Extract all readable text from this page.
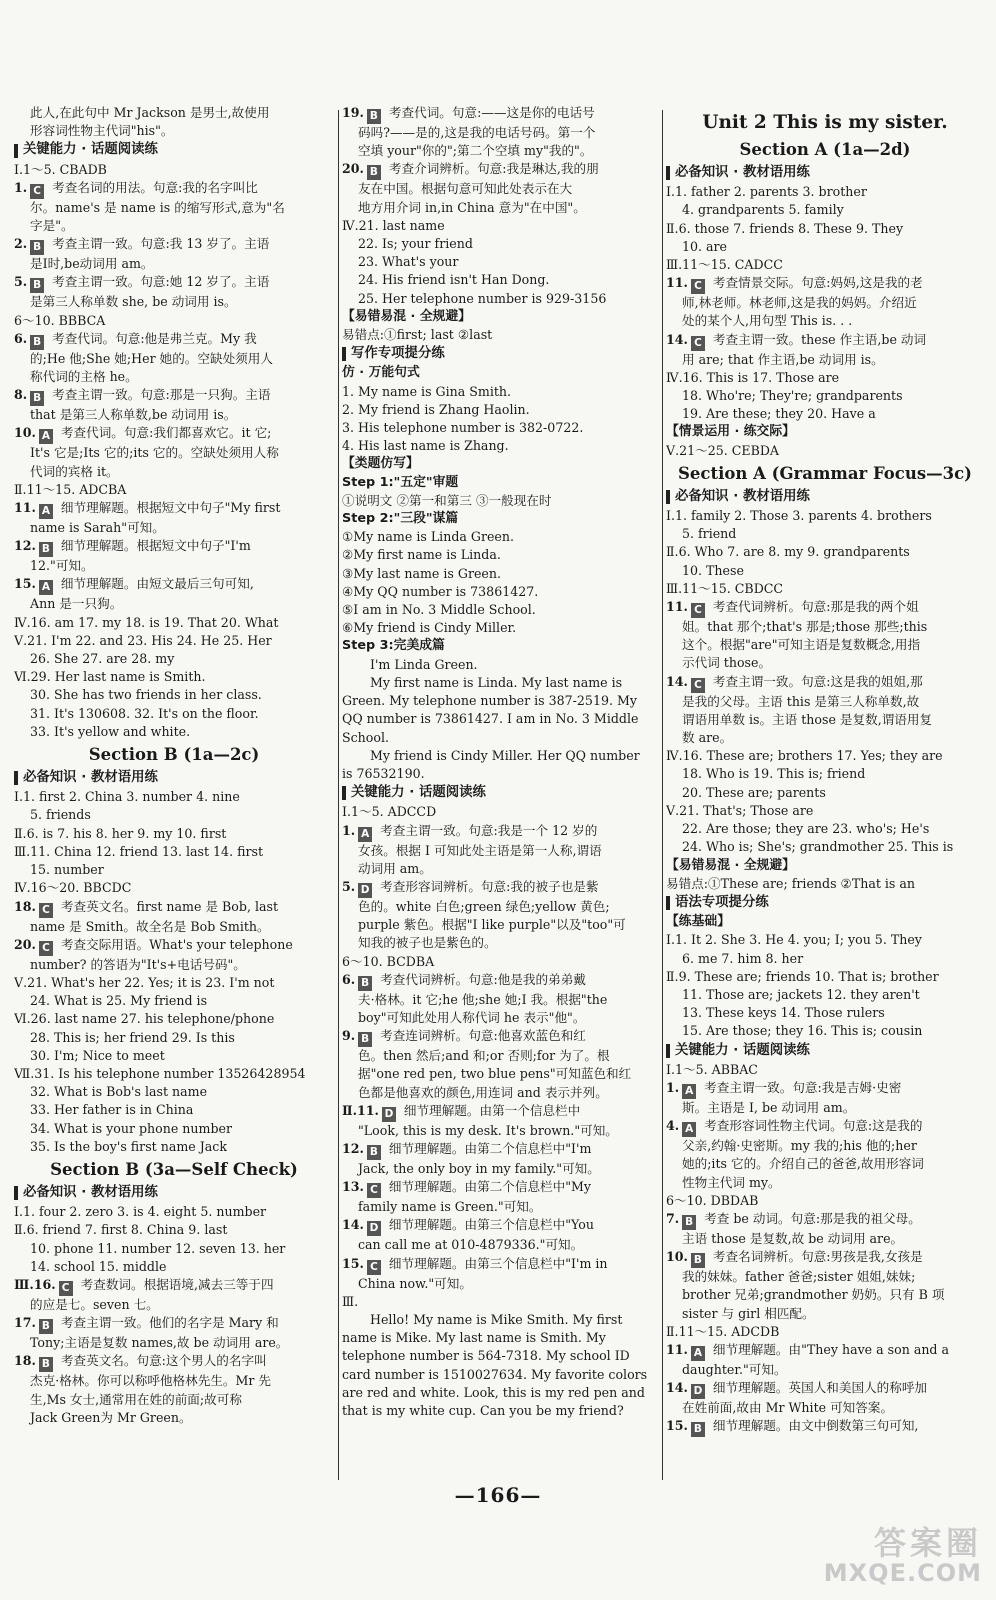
此人,在此句中 Mr Jackson 是男士,故使用
形容词性物主代词"his"。
关键能力 · 话题阅读练
Ⅰ.1～5. CBADB
1. C 考查名词的用法。句意:我的名字叫比
尔。name's 是 name is 的缩写形式,意为"名
字是"。
2. B 考查主谓一致。句意:我 13 岁了。主语
是I时,be动词用 am。
5. B 考查主谓一致。句意:她 12 岁了。主语
是第三人称单数 she, be 动词用 is。
6～10. BBBCA
6. B 考查代词。句意:他是弗兰克。My 我
的;He 他;She 她;Her 她的。空缺处须用人
称代词的主格 he。
8. B 考查主谓一致。句意:那是一只狗。主语
that 是第三人称单数,be 动词用 is。
10. A 考查代词。句意:我们都喜欢它。it 它;
It's 它是;Its 它的;its 它的。空缺处须用人称
代词的宾格 it。
Ⅱ.11～15. ADCBA
11. A 细节理解题。根据短文中句子"My first
name is Sarah"可知。
12. B 细节理解题。根据短文中句子"I'm
12."可知。
15. A 细节理解题。由短文最后三句可知,
Ann 是一只狗。
Ⅳ.16. am 17. my 18. is 19. That 20. What
Ⅴ.21. I'm 22. and 23. His 24. He 25. Her
26. She 27. are 28. my
Ⅵ.29. Her last name is Smith.
30. She has two friends in her class.
31. It's 130608. 32. It's on the floor.
33. It's yellow and white.
Section B (1a—2c)
必备知识 · 教材语用练
Ⅰ.1. first 2. China 3. number 4. nine
5. friends
Ⅱ.6. is 7. his 8. her 9. my 10. first
Ⅲ.11. China 12. friend 13. last 14. first
15. number
Ⅳ.16～20. BBCDC
18. C 考查英文名。first name 是 Bob, last
name 是 Smith。故全名是 Bob Smith。
20. C 考查交际用语。What's your telephone
number? 的答语为"It's+电话号码"。
Ⅴ.21. What's her 22. Yes; it is 23. I'm not
24. What is 25. My friend is
Ⅵ.26. last name 27. his telephone/phone
28. This is; her friend 29. Is this
30. I'm; Nice to meet
Ⅶ.31. Is his telephone number 13526428954
32. What is Bob's last name
33. Her father is in China
34. What is your phone number
35. Is the boy's first name Jack
Section B (3a—Self Check)
必备知识 · 教材语用练
Ⅰ.1. four 2. zero 3. is 4. eight 5. number
Ⅱ.6. friend 7. first 8. China 9. last
10. phone 11. number 12. seven 13. her
14. school 15. middle
Ⅲ.16. C 考查数词。根据语境,减去三等于四
的应是七。seven 七。
17. B 考查主谓一致。他们的名字是 Mary 和
Tony;主语是复数 names,故 be 动词用 are。
18. B 考查英文名。句意:这个男人的名字叫
杰克·格林。你可以称呼他格林先生。Mr 先
生,Ms 女士,通常用在姓的前面;故可称
Jack Green为 Mr Green。
19. B 考查代词。句意:——这是你的电话号
码吗?——是的,这是我的电话号码。第一个
空填 your"你的";第二个空填 my"我的"。
20. B 考查介词辨析。句意:我是琳达,我的朋
友在中国。根据句意可知此处表示在大
地方用介词 in,in China 意为"在中国"。
Ⅳ.21. last name
22. Is; your friend
23. What's your
24. His friend isn't Han Dong.
25. Her telephone number is 929-3156
【易错易混 · 全规避】
易错点:①first; last ②last
写作专项提分练
仿 · 万能句式
1. My name is Gina Smith.
2. My friend is Zhang Haolin.
3. His telephone number is 382-0722.
4. His last name is Zhang.
【类题仿写】
Step 1:"五定"审题
①说明文 ②第一和第三 ③一般现在时
Step 2:"三段"谋篇
①My name is Linda Green.
②My first name is Linda.
③My last name is Green.
④My QQ number is 73861427.
⑤I am in No. 3 Middle School.
⑥My friend is Cindy Miller.
Step 3:完美成篇
I'm Linda Green.
My first name is Linda. My last name is
Green. My telephone number is 387-2519. My
QQ number is 73861427. I am in No. 3 Middle
School.
My friend is Cindy Miller. Her QQ number
is 76532190.
关键能力 · 话题阅读练
Ⅰ.1～5. ADCCD
1. A 考查主谓一致。句意:我是一个 12 岁的
女孩。根据 I 可知此处主语是第一人称,谓语
动词用 am。
5. D 考查形容词辨析。句意:我的被子也是紫
色的。white 白色;green 绿色;yellow 黄色;
purple 紫色。根据"I like purple"以及"too"可
知我的被子也是紫色的。
6～10. BCDBA
6. B 考查代词辨析。句意:他是我的弟弟戴
夫·格林。it 它;he 他;she 她;I 我。根据"the
boy"可知此处用人称代词 he 表示"他"。
9. B 考查连词辨析。句意:他喜欢蓝色和红
色。then 然后;and 和;or 否则;for 为了。根
据"one red pen, two blue pens"可知蓝色和红
色都是他喜欢的颜色,用连词 and 表示并列。
Ⅱ.11. D 细节理解题。由第一个信息栏中
"Look, this is my desk. It's brown."可知。
12. B 细节理解题。由第二个信息栏中"I'm
Jack, the only boy in my family."可知。
13. C 细节理解题。由第二个信息栏中"My
family name is Green."可知。
14. D 细节理解题。由第三个信息栏中"You
can call me at 010-4879336."可知。
15. C 细节理解题。由第三个信息栏中"I'm in
China now."可知。
Ⅲ.
Hello! My name is Mike Smith. My first
name is Mike. My last name is Smith. My
telephone number is 564-7318. My school ID
card number is 1510027634. My favorite colors
are red and white. Look, this is my red pen and
that is my white cup. Can you be my friend?
Unit 2 This is my sister.
Section A (1a—2d)
必备知识 · 教材语用练
Ⅰ.1. father 2. parents 3. brother
4. grandparents 5. family
Ⅱ.6. those 7. friends 8. These 9. They
10. are
Ⅲ.11～15. CADCC
11. C 考查情景交际。句意:妈妈,这是我的老
师,林老师。林老师,这是我的妈妈。介绍近
处的某个人,用句型 This is. . .
14. C 考查主谓一致。these 作主语,be 动词
用 are; that 作主语,be 动词用 is。
Ⅳ.16. This is 17. Those are
18. Who're; They're; grandparents
19. Are these; they 20. Have a
【情景运用 · 练交际】
Ⅴ.21～25. CEBDA
Section A (Grammar Focus—3c)
必备知识 · 教材语用练
Ⅰ.1. family 2. Those 3. parents 4. brothers
5. friend
Ⅱ.6. Who 7. are 8. my 9. grandparents
10. These
Ⅲ.11～15. CBDCC
11. C 考查代词辨析。句意:那是我的两个姐
姐。that 那个;that's 那是;those 那些;this
这个。根据"are"可知主语是复数概念,用指
示代词 those。
14. C 考查主谓一致。句意:这是我的姐姐,那
是我的父母。主语 this 是第三人称单数,故
谓语用单数 is。主语 those 是复数,谓语用复
数 are。
Ⅳ.16. These are; brothers 17. Yes; they are
18. Who is 19. This is; friend
20. These are; parents
Ⅴ.21. That's; Those are
22. Are those; they are 23. who's; He's
24. Who is; She's; grandmother 25. This is
【易错易混 · 全规避】
易错点:①These are; friends ②That is an
语法专项提分练
【练基础】
Ⅰ.1. It 2. She 3. He 4. you; I; you 5. They
6. me 7. him 8. her
Ⅱ.9. These are; friends 10. That is; brother
11. Those are; jackets 12. they aren't
13. These keys 14. Those rulers
15. Are those; they 16. This is; cousin
关键能力 · 话题阅读练
Ⅰ.1～5. ABBAC
1. A 考查主谓一致。句意:我是吉姆·史密
斯。主语是 I, be 动词用 am。
4. A 考查形容词性物主代词。句意:这是我的
父亲,约翰·史密斯。my 我的;his 他的;her
她的;its 它的。介绍自己的爸爸,故用形容词
性物主代词 my。
6～10. DBDAB
7. B 考查 be 动词。句意:那是我的祖父母。
主语 those 是复数,故 be 动词用 are。
10. B 考查名词辨析。句意:男孩是我,女孩是
我的妹妹。father 爸爸;sister 姐姐,妹妹;
brother 兄弟;grandmother 奶奶。只有 B 项
sister 与 girl 相匹配。
Ⅱ.11～15. ADCDB
11. A 细节理解题。由"They have a son and a
daughter."可知。
14. D 细节理解题。英国人和美国人的称呼加
在姓前面,故由 Mr White 可知答案。
15. B 细节理解题。由文中倒数第三句可知,
—166—
答案圈
MXQE.COM
